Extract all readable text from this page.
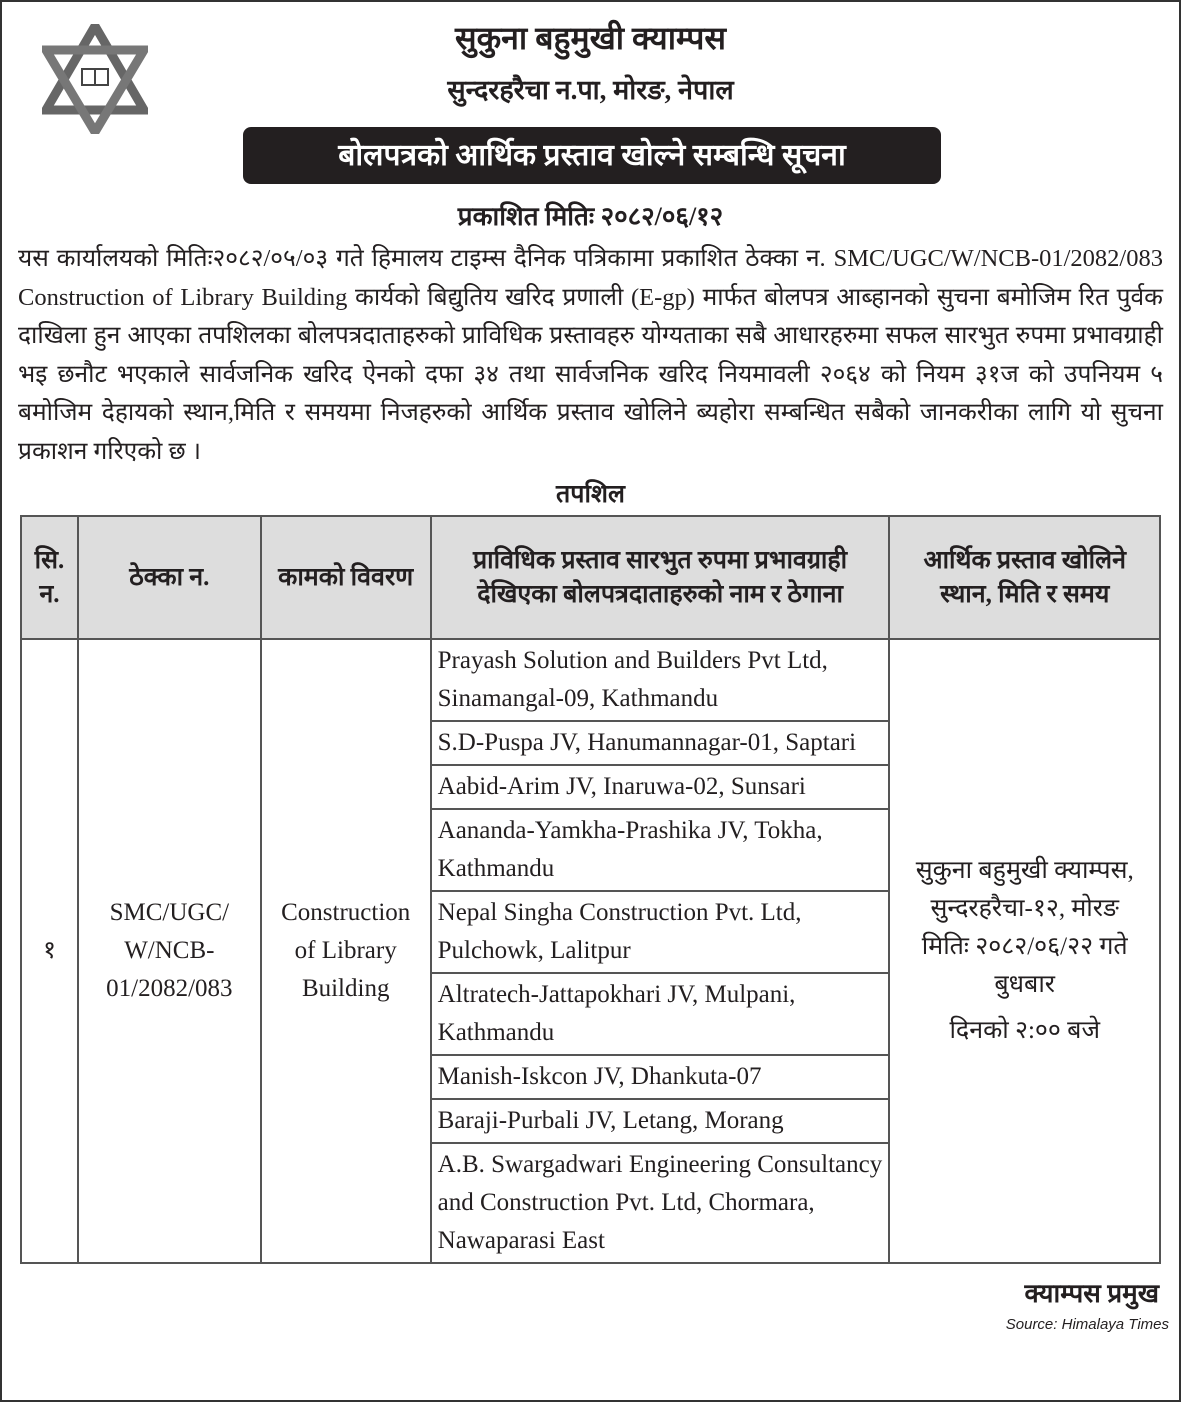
सुकुना बहुमुखी क्याम्पस
सुन्दरहरैचा न.पा, मोरङ, नेपाल
बोलपत्रको आर्थिक प्रस्ताव खोल्ने सम्बन्धि सूचना
प्रकाशित मितिः २०८२/०६/१२
यस कार्यालयको मितिः२०८२/०५/०३ गते हिमालय टाइम्स दैनिक पत्रिकामा प्रकाशित ठेक्का न. SMC/UGC/W/NCB-01/2082/083 Construction of Library Building कार्यको बिद्युतिय खरिद प्रणाली (E-gp) मार्फत बोलपत्र आब्हानको सुचना बमोजिम रित पुर्वक दाखिला हुन आएका तपशिलका बोलपत्रदाताहरुको प्राविधिक प्रस्तावहरु योग्यताका सबै आधारहरुमा सफल सारभुत रुपमा प्रभावग्राही भइ छनौट भएकाले सार्वजनिक खरिद ऐनको दफा ३४ तथा सार्वजनिक खरिद नियमावली २०६४ को नियम ३१ज को उपनियम ५ बमोजिम देहायको स्थान,मिति र समयमा निजहरुको आर्थिक प्रस्ताव खोलिने ब्यहोरा सम्बन्धित सबैको जानकरीका लागि यो सुचना प्रकाशन गरिएको छ ।
तपशिल
सि. न.	ठेक्का न.	कामको विवरण	प्राविधिक प्रस्ताव सारभुत रुपमा प्रभावग्राही देखिएका बोलपत्रदाताहरुको नाम र ठेगाना	आर्थिक प्रस्ताव खोलिने स्थान, मिति र समय
१	SMC/UGC/ W/NCB- 01/2082/083	Construction of Library Building	Prayash Solution and Builders Pvt Ltd, Sinamangal-09, Kathmandu	सुकुना बहुमुखी क्याम्पस, सुन्दरहरैचा-१२, मोरङ
मितिः २०८२/०६/२२ गते बुधबार
दिनको २:०० बजे

			S.D-Puspa JV, Hanumannagar-01, Saptari	
			Aabid-Arim JV, Inaruwa-02, Sunsari	
			Aananda-Yamkha-Prashika JV, Tokha, Kathmandu	
			Nepal Singha Construction Pvt. Ltd, Pulchowk, Lalitpur	
			Altratech-Jattapokhari JV, Mulpani, Kathmandu	
			Manish-Iskcon JV, Dhankuta-07	
			Baraji-Purbali JV, Letang, Morang	
			A.B. Swargadwari Engineering Consultancy and Construction Pvt. Ltd, Chormara, Nawaparasi East	
क्याम्पस प्रमुख
Source: Himalaya Times
